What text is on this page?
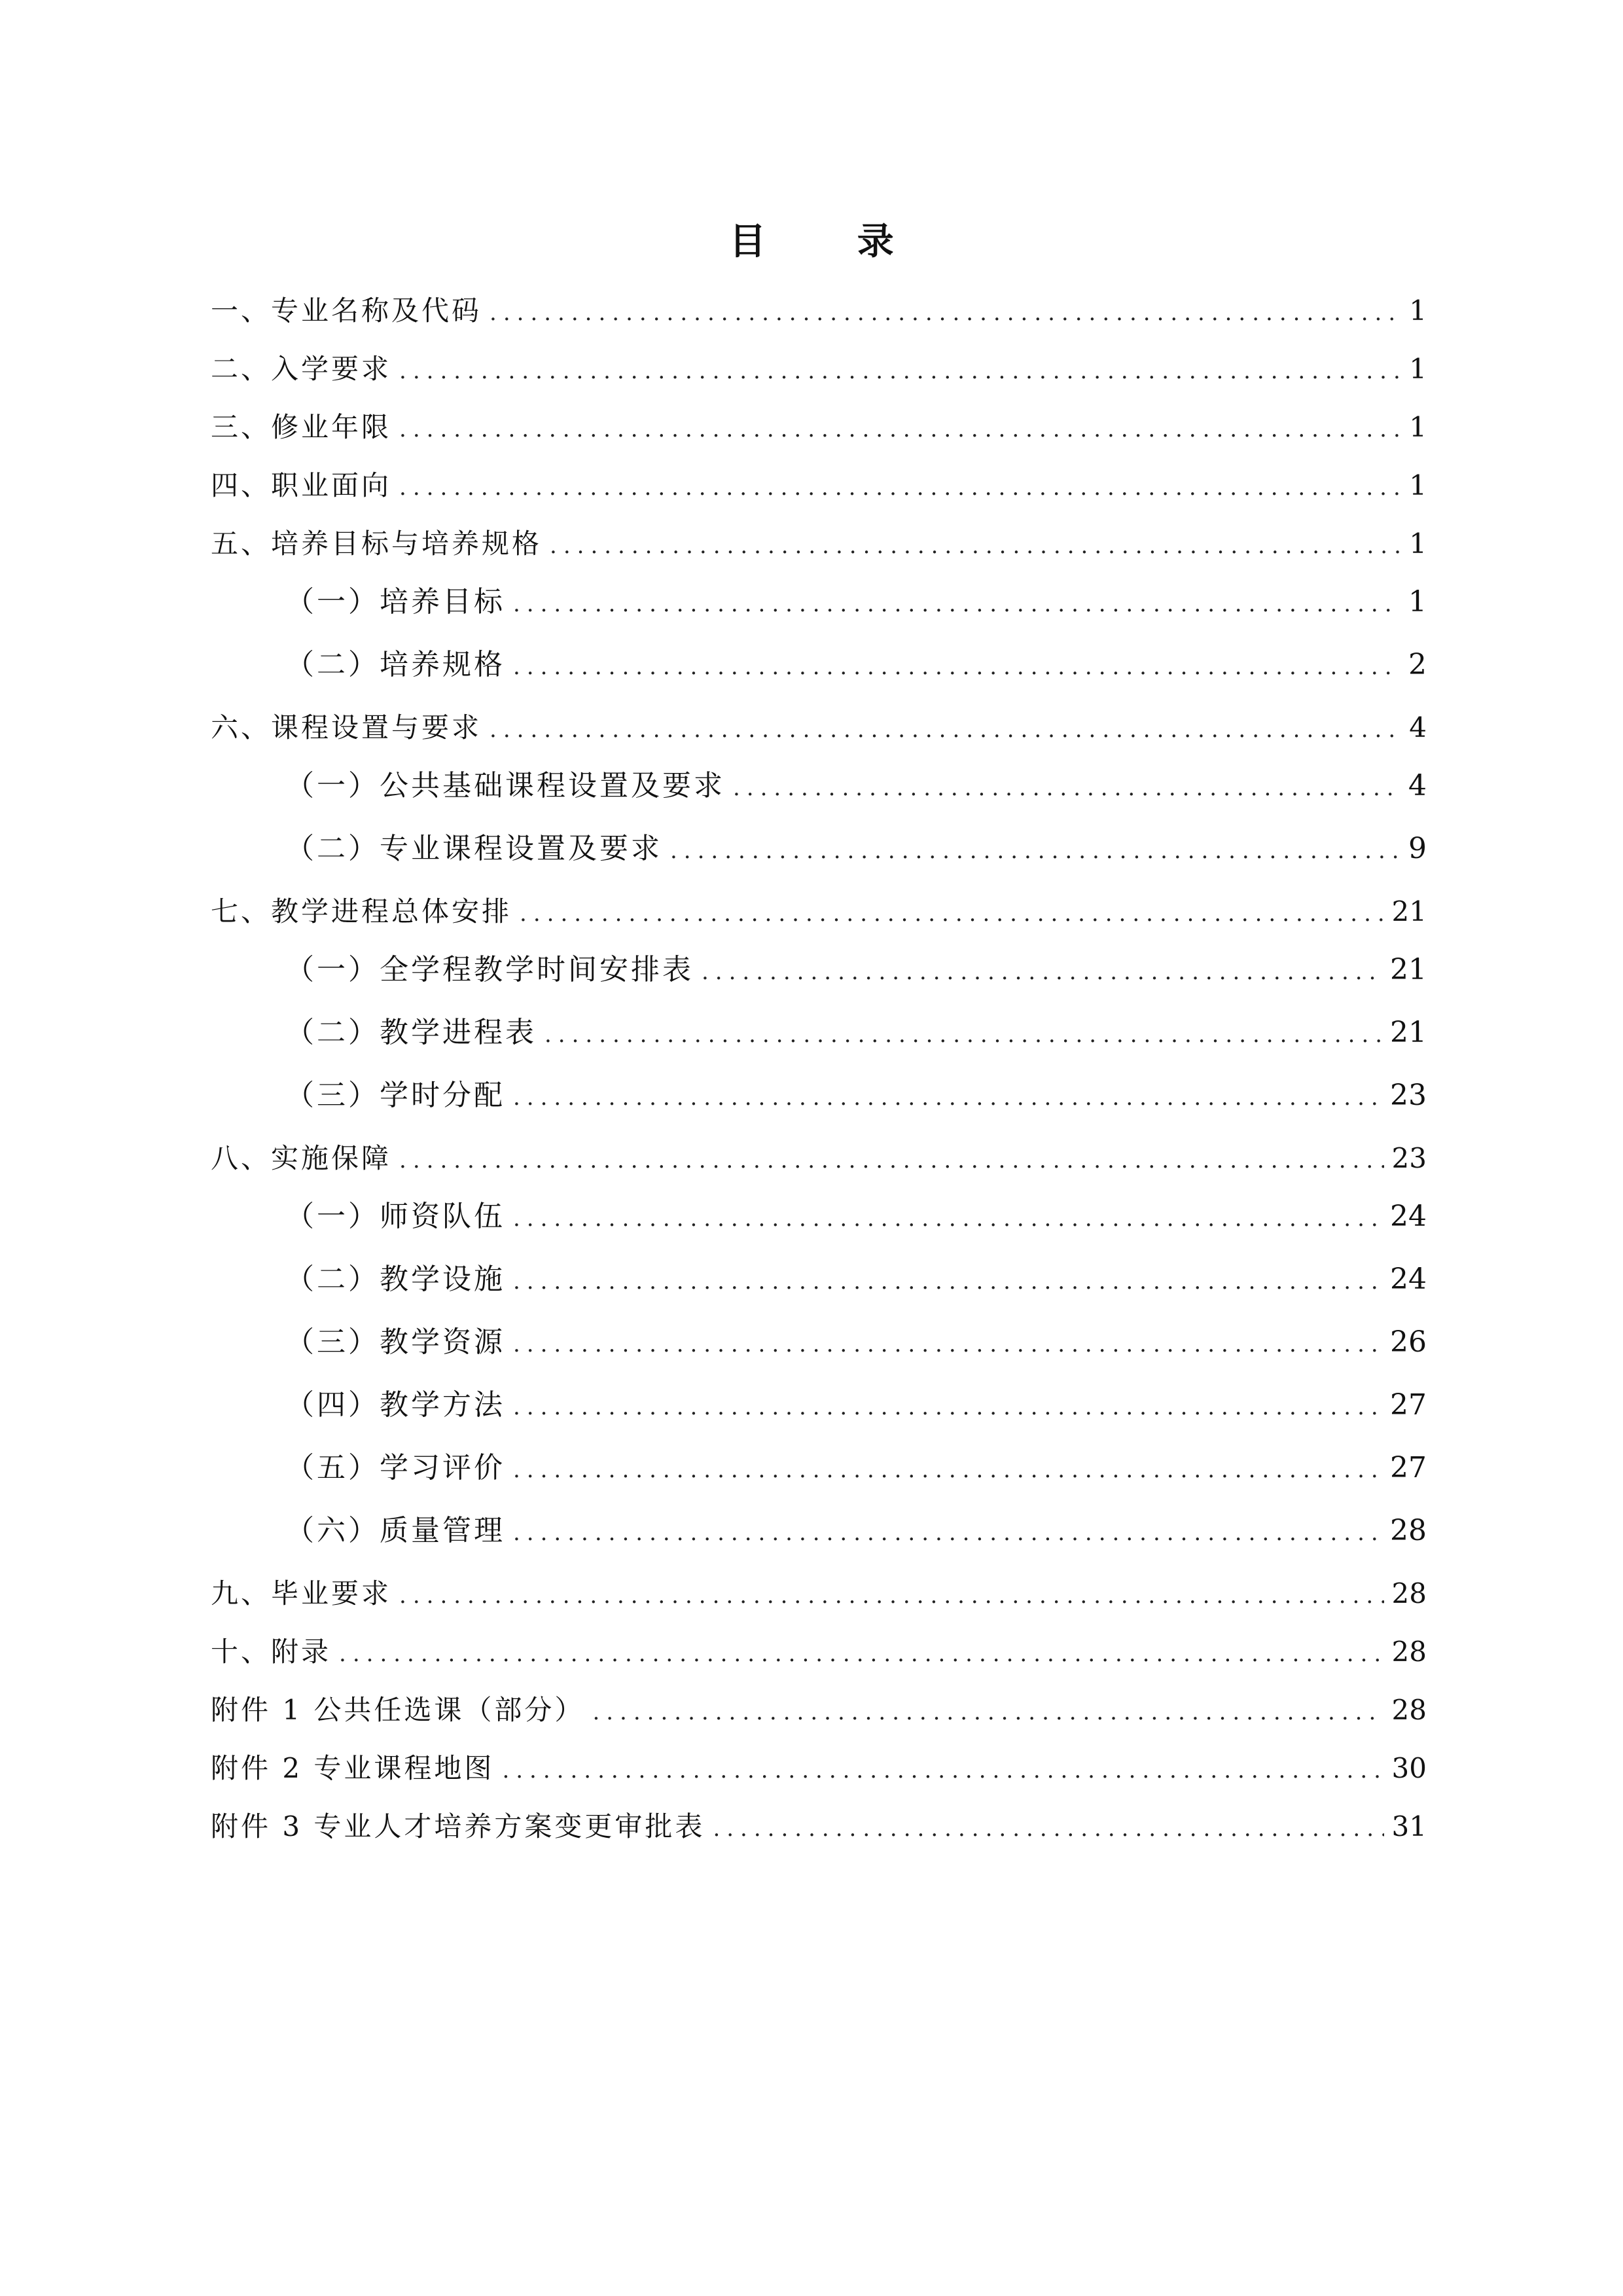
目 录
一、专业名称及代码 .....	1
二、入学要求 .....	1
三、修业年限 .....	1
四、职业面向 .....	1
五、培养目标与培养规格 .....	1
（一）培养目标 .....	1
（二）培养规格 .....	2
六、课程设置与要求 .....	4
（一）公共基础课程设置及要求 .....	4
（二）专业课程设置及要求 .....	9
七、教学进程总体安排 .....	21
（一）全学程教学时间安排表 .....	21
（二）教学进程表 .....	21
（三）学时分配 .....	23
八、实施保障 .....	23
（一）师资队伍 .....	24
（二）教学设施 .....	24
（三）教学资源 .....	26
（四）教学方法 .....	27
（五）学习评价 .....	27
（六）质量管理 .....	28
九、毕业要求 .....	28
十、附录 .....	28
附件 1 公共任选课（部分） .....	28
附件 2 专业课程地图 .....	30
附件 3 专业人才培养方案变更审批表 .....	31
